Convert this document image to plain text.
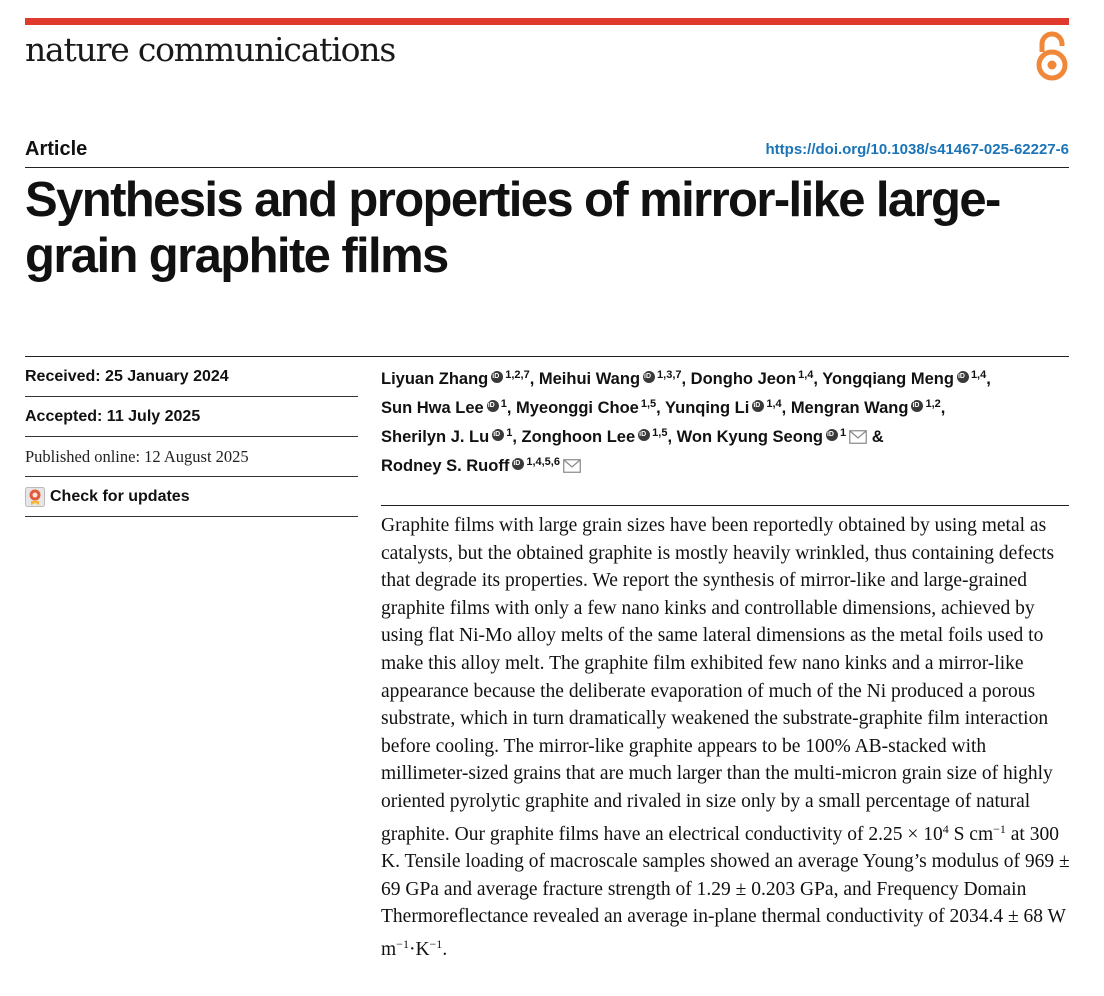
nature communications
Article	https://doi.org/10.1038/s41467-025-62227-6
Synthesis and properties of mirror-like large-grain graphite films
Received: 25 January 2024
Accepted: 11 July 2025
Published online: 12 August 2025
Check for updates
Liyuan Zhang iD $^{1,2,7}$, Meihui Wang iD $^{1,3,7}$, Dongho Jeon $^{1,4}$, Yongqiang Meng iD $^{1,4}$, Sun Hwa Lee iD $^1$, Myeonggi Choe $^{1,5}$, Yunqing Li iD $^{1,4}$, Mengran Wang iD $^{1,2}$, Sherilyn J. Lu iD $^1$, Zonghoon Lee iD $^{1,5}$, Won Kyung Seong iD $^1$ & Rodney S. Ruoff iD $^{1,4,5,6}$

Graphite films with large grain sizes have been reportedly obtained by using metal as catalysts, but the obtained graphite is mostly heavily wrinkled, thus containing defects that degrade its properties. We report the synthesis of mirror-like and large-grained graphite films with only a few nano kinks and controllable dimensions, achieved by using flat Ni-Mo alloy melts of the same lateral dimensions as the metal foils used to make this alloy melt. The graphite film exhibited few nano kinks and a mirror-like appearance because the deliberate evaporation of much of the Ni produced a porous substrate, which in turn dramatically weakened the substrate-graphite film interaction before cooling. The mirror-like graphite appears to be 100% AB-stacked with millimeter-sized grains that are much larger than the multi-micron grain size of highly oriented pyrolytic graphite and rivaled in size only by a small percentage of natural graphite. Our graphite films have an electrical conductivity of $2.25 \times 10^4$ S $cm^{-1}$ at 300 K. Tensile loading of macroscale samples showed an average Young’s modulus of 969 ± 69 GPa and average fracture strength of 1.29 ± 0.203 GPa, and Frequency Domain Thermoreflectance revealed an average in-plane thermal conductivity of 2034.4 ± 68 W $m^{-1}\cdot K^{-1}$.
